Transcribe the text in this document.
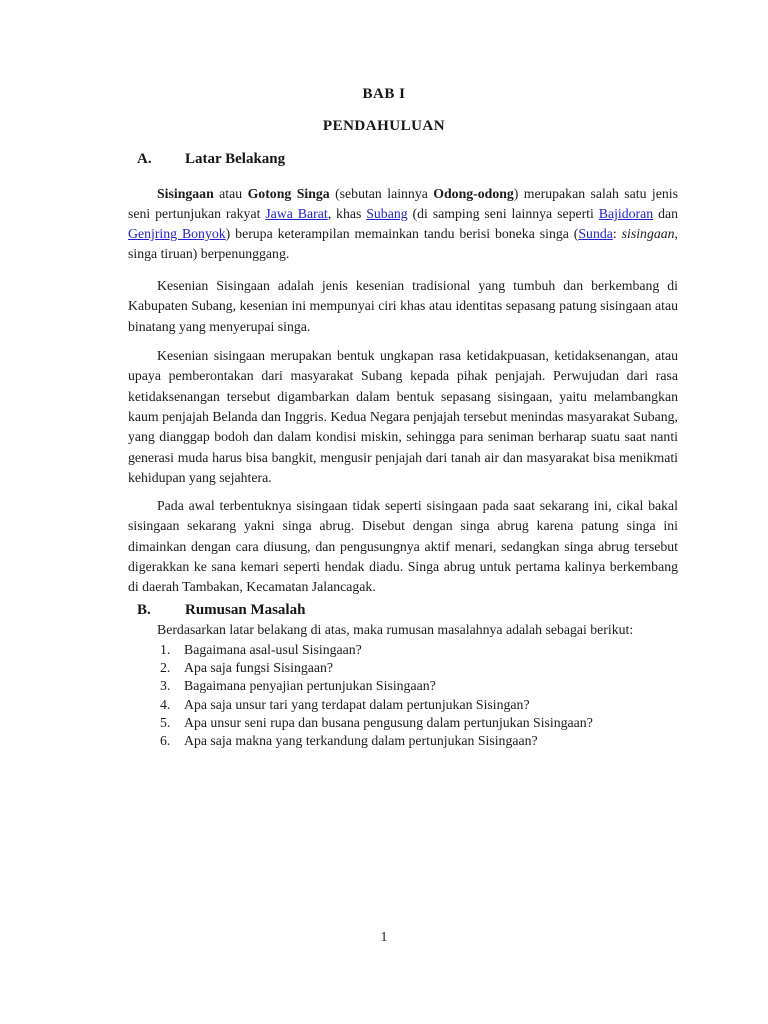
BAB I
PENDAHULUAN
A.	Latar Belakang

Sisingaan atau Gotong Singa (sebutan lainnya Odong-odong) merupakan salah satu jenis seni pertunjukan rakyat Jawa Barat, khas Subang (di samping seni lainnya seperti Bajidoran dan Genjring Bonyok) berupa keterampilan memainkan tandu berisi boneka singa (Sunda: sisingaan, singa tiruan) berpenunggang.

Kesenian Sisingaan adalah jenis kesenian tradisional yang tumbuh dan berkembang di Kabupaten Subang, kesenian ini mempunyai ciri khas atau identitas sepasang patung sisingaan atau binatang yang menyerupai singa.

Kesenian sisingaan merupakan bentuk ungkapan rasa ketidakpuasan, ketidaksenangan, atau upaya pemberontakan dari masyarakat Subang kepada pihak penjajah. Perwujudan dari rasa ketidaksenangan tersebut digambarkan dalam bentuk sepasang sisingaan, yaitu melambangkan kaum penjajah Belanda dan Inggris. Kedua Negara penjajah tersebut menindas masyarakat Subang, yang dianggap bodoh dan dalam kondisi miskin, sehingga para seniman berharap suatu saat nanti generasi muda harus bisa bangkit, mengusir penjajah dari tanah air dan masyarakat bisa menikmati kehidupan yang sejahtera.

Pada awal terbentuknya sisingaan tidak seperti sisingaan pada saat sekarang ini, cikal bakal sisingaan sekarang yakni singa abrug. Disebut dengan singa abrug karena patung singa ini dimainkan dengan cara diusung, dan pengusungnya aktif menari, sedangkan singa abrug tersebut digerakkan ke sana kemari seperti hendak diadu. Singa abrug untuk pertama kalinya berkembang di daerah Tambakan, Kecamatan Jalancagak.

B.	Rumusan Masalah

Berdasarkan latar belakang di atas, maka rumusan masalahnya adalah sebagai berikut:

1. Bagaimana asal-usul Sisingaan?
2. Apa saja fungsi Sisingaan?
3. Bagaimana penyajian pertunjukan Sisingaan?
4. Apa saja unsur tari yang terdapat dalam pertunjukan Sisingan?
5. Apa unsur seni rupa dan busana pengusung dalam pertunjukan Sisingaan?
6. Apa saja makna yang terkandung dalam pertunjukan Sisingaan?
1
